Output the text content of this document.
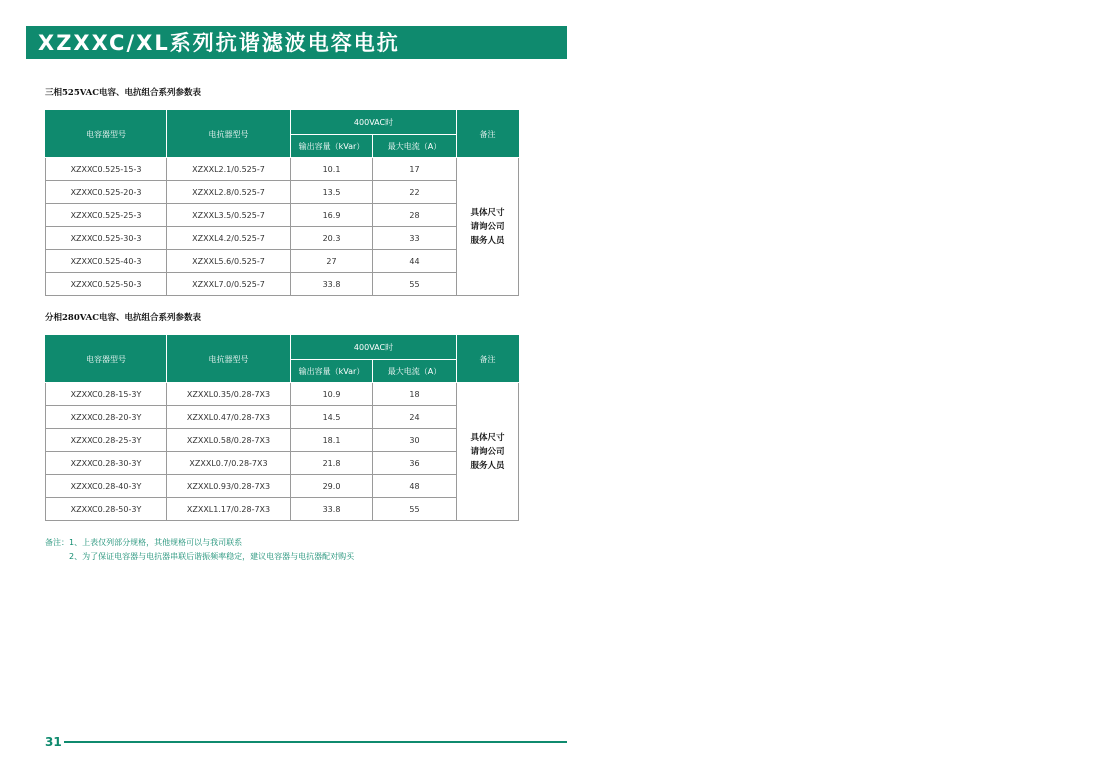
XZXXC/XL系列抗谐滤波电容电抗
三相525VAC电容、电抗组合系列参数表
电容器型号	电抗器型号	400VAC时		备注
		输出容量（kVar）	最大电流（A）	
XZXXC0.525-15-3	XZXXL2.1/0.525-7	10.1	17	具体尺寸
请询公司
服务人员
XZXXC0.525-20-3	XZXXL2.8/0.525-7	13.5	22	
XZXXC0.525-25-3	XZXXL3.5/0.525-7	16.9	28	
XZXXC0.525-30-3	XZXXL4.2/0.525-7	20.3	33	
XZXXC0.525-40-3	XZXXL5.6/0.525-7	27	44	
XZXXC0.525-50-3	XZXXL7.0/0.525-7	33.8	55	
分相280VAC电容、电抗组合系列参数表
电容器型号	电抗器型号	400VAC时		备注
		输出容量（kVar）	最大电流（A）	
XZXXC0.28-15-3Y	XZXXL0.35/0.28-7X3	10.9	18	具体尺寸
请询公司
服务人员
XZXXC0.28-20-3Y	XZXXL0.47/0.28-7X3	14.5	24	
XZXXC0.28-25-3Y	XZXXL0.58/0.28-7X3	18.1	30	
XZXXC0.28-30-3Y	XZXXL0.7/0.28-7X3	21.8	36	
XZXXC0.28-40-3Y	XZXXL0.93/0.28-7X3	29.0	48	
XZXXC0.28-50-3Y	XZXXL1.17/0.28-7X3	33.8	55	
备注：1、上表仅列部分规格，其他规格可以与我司联系
2、为了保证电容器与电抗器串联后谐振频率稳定，建议电容器与电抗器配对购买
31
